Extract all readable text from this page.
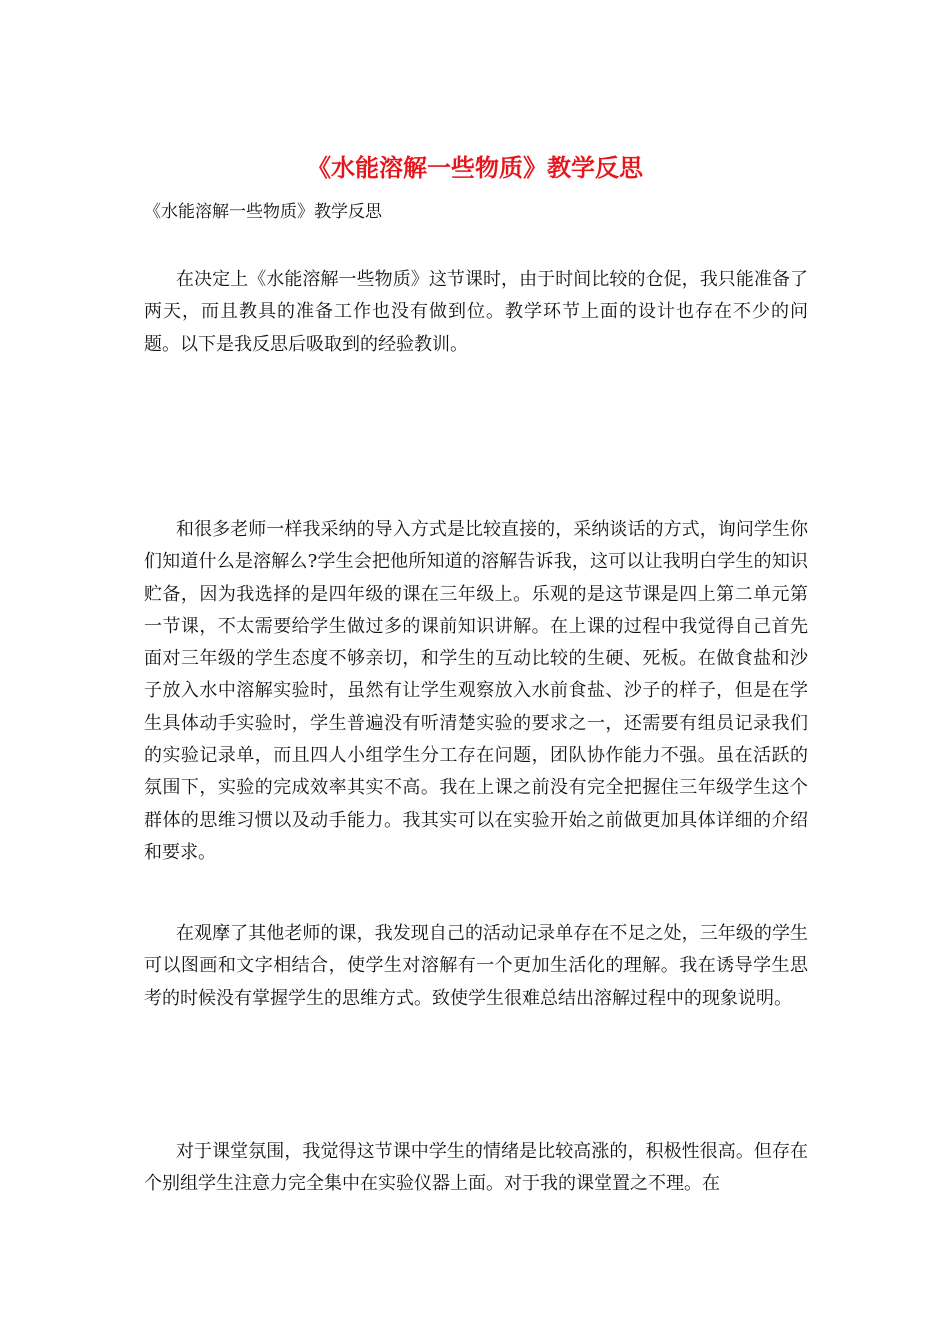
《水能溶解一些物质》教学反思

《水能溶解一些物质》教学反思

在决定上《水能溶解一些物质》这节课时，由于时间比较的仓促，我只能准备了两天，而且教具的准备工作也没有做到位。教学环节上面的设计也存在不少的问题。以下是我反思后吸取到的经验教训。

和很多老师一样我采纳的导入方式是比较直接的，采纳谈话的方式，询问学生你们知道什么是溶解么?学生会把他所知道的溶解告诉我，这可以让我明白学生的知识贮备，因为我选择的是四年级的课在三年级上。乐观的是这节课是四上第二单元第一节课，不太需要给学生做过多的课前知识讲解。在上课的过程中我觉得自己首先面对三年级的学生态度不够亲切，和学生的互动比较的生硬、死板。在做食盐和沙子放入水中溶解实验时，虽然有让学生观察放入水前食盐、沙子的样子，但是在学生具体动手实验时，学生普遍没有听清楚实验的要求之一，还需要有组员记录我们的实验记录单，而且四人小组学生分工存在问题，团队协作能力不强。虽在活跃的氛围下，实验的完成效率其实不高。我在上课之前没有完全把握住三年级学生这个群体的思维习惯以及动手能力。我其实可以在实验开始之前做更加具体详细的介绍和要求。

在观摩了其他老师的课，我发现自己的活动记录单存在不足之处，三年级的学生可以图画和文字相结合，使学生对溶解有一个更加生活化的理解。我在诱导学生思考的时候没有掌握学生的思维方式。致使学生很难总结出溶解过程中的现象说明。

对于课堂氛围，我觉得这节课中学生的情绪是比较高涨的，积极性很高。但存在个别组学生注意力完全集中在实验仪器上面。对于我的课堂置之不理。在
